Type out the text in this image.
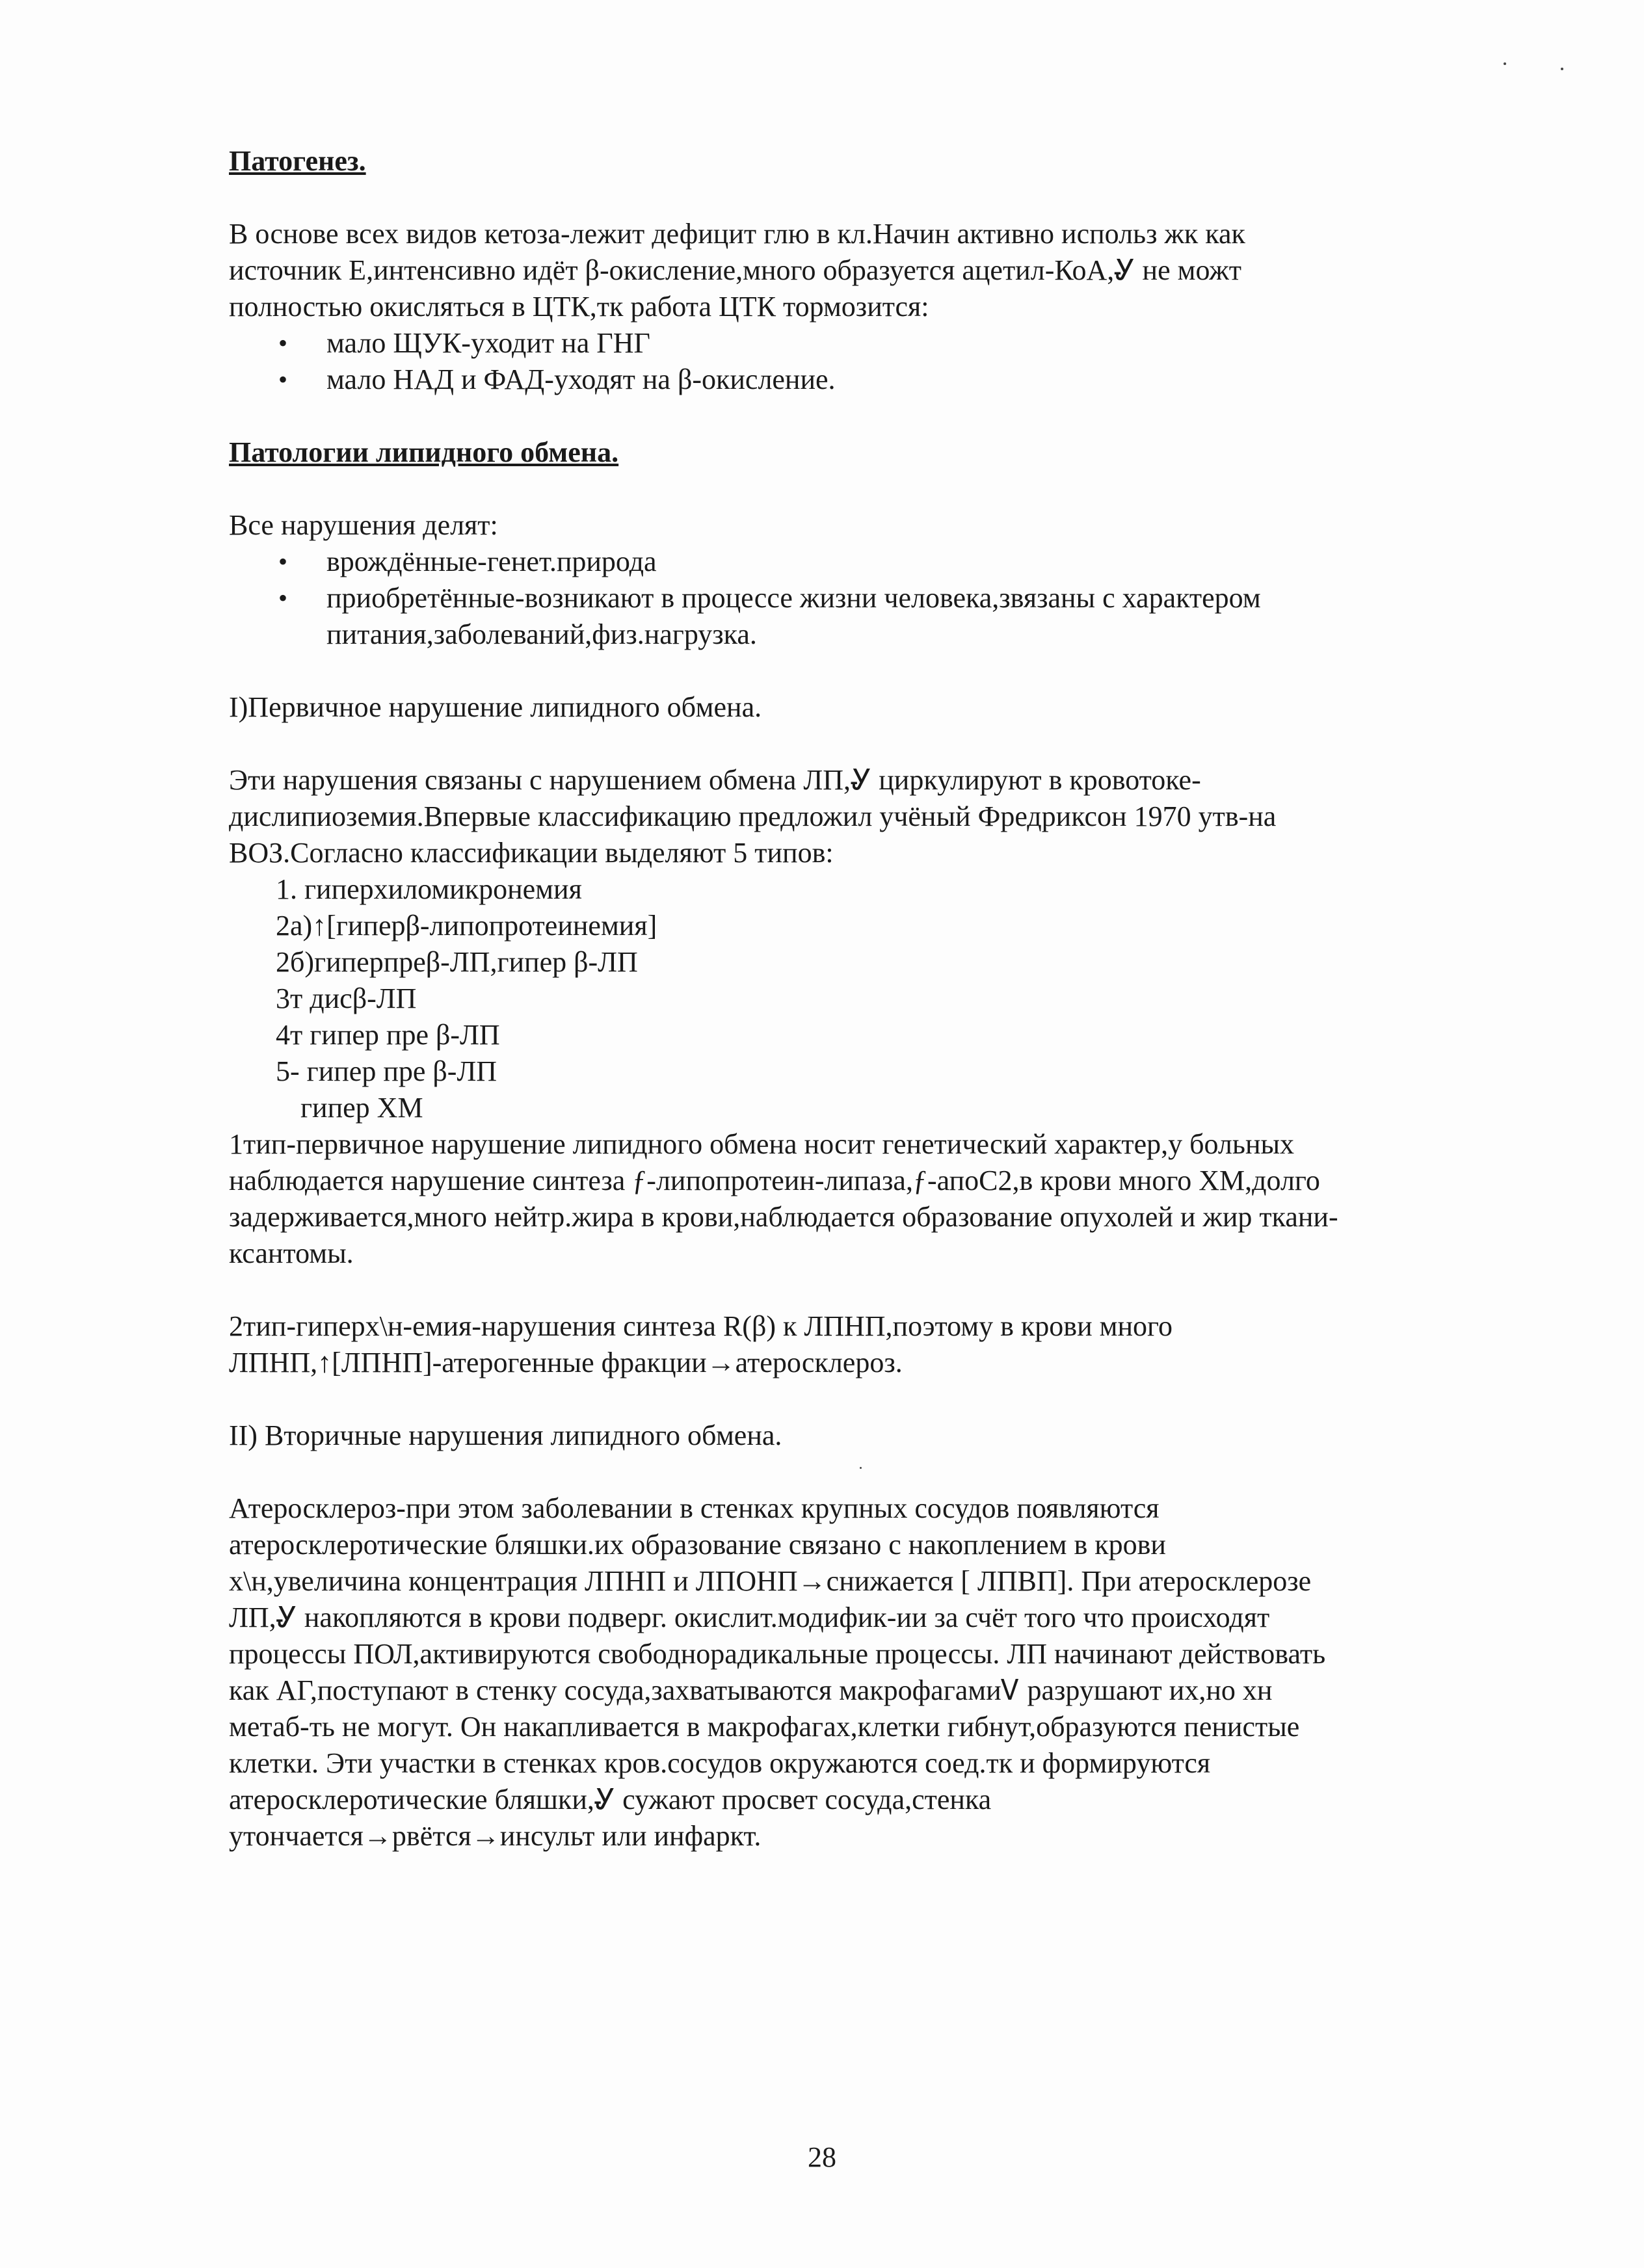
Патогенез.

В основе всех видов кетоза-лежит дефицит глю в кл.Начин активно использ жк как

источник Е,интенсивно идёт β-окисление,много образуется ацетил-КоА,Ꮍ не можт

полностью окисляться в ЦТК,тк работа ЦТК тормозится:

• мало ЩУК-уходит на ГНГ
• мало НАД и ФАД-уходят на β-окисление.

Патологии липидного обмена.

Все нарушения делят:

• врождённые-генет.природа
• приобретённые-возникают в процессе жизни человека,звязаны с характером
питания,заболеваний,физ.нагрузка.

I)Первичное нарушение липидного обмена.

Эти нарушения связаны с нарушением обмена ЛП,Ꮍ циркулируют в кровотоке-

дислипиоземия.Впервые классификацию предложил учёный Фредриксон 1970 утв-на

ВОЗ.Согласно классификации выделяют 5 типов:

1. гиперхиломикронемия

2а)↑[гиперβ-липопротеинемия]

2б)гиперпреβ-ЛП,гипер β-ЛП

3т дисβ-ЛП

4т гипер пре β-ЛП

5- гипер пре β-ЛП

гипер ХМ

1тип-первичное нарушение липидного обмена носит генетический характер,у больных

наблюдается нарушение синтеза ƒ-липопротеин-липаза,ƒ-апоС2,в крови много ХМ,долго

задерживается,много нейтр.жира в крови,наблюдается образование опухолей и жир ткани-

ксантомы.

2тип-гиперх\н-емия-нарушения синтеза R(β) к ЛПНП,поэтому в крови много

ЛПНП,↑[ЛПНП]-атерогенные фракции→атеросклероз.

II) Вторичные нарушения липидного обмена.

Атеросклероз-при этом заболевании в стенках крупных сосудов появляются

атеросклеротические бляшки.их образование связано с накоплением в крови

х\н,увеличина концентрация ЛПНП и ЛПОНП→снижается [ ЛПВП]. При атеросклерозе

ЛП,Ꮍ накопляются в крови подверг. окислит.модифик-ии за счёт того что происходят

процессы ПОЛ,активируются свободнорадикальные процессы. ЛП начинают действовать

как АГ,поступают в стенку сосуда,захватываются макрофагамиᏙ разрушают их,но хн

метаб-ть не могут. Он накапливается в макрофагах,клетки гибнут,образуются пенистые

клетки. Эти участки в стенках кров.сосудов окружаются соед.тк и формируются

атеросклеротические бляшки,Ꮍ сужают просвет сосуда,стенка

утончается→рвётся→инсульт или инфаркт.

28
